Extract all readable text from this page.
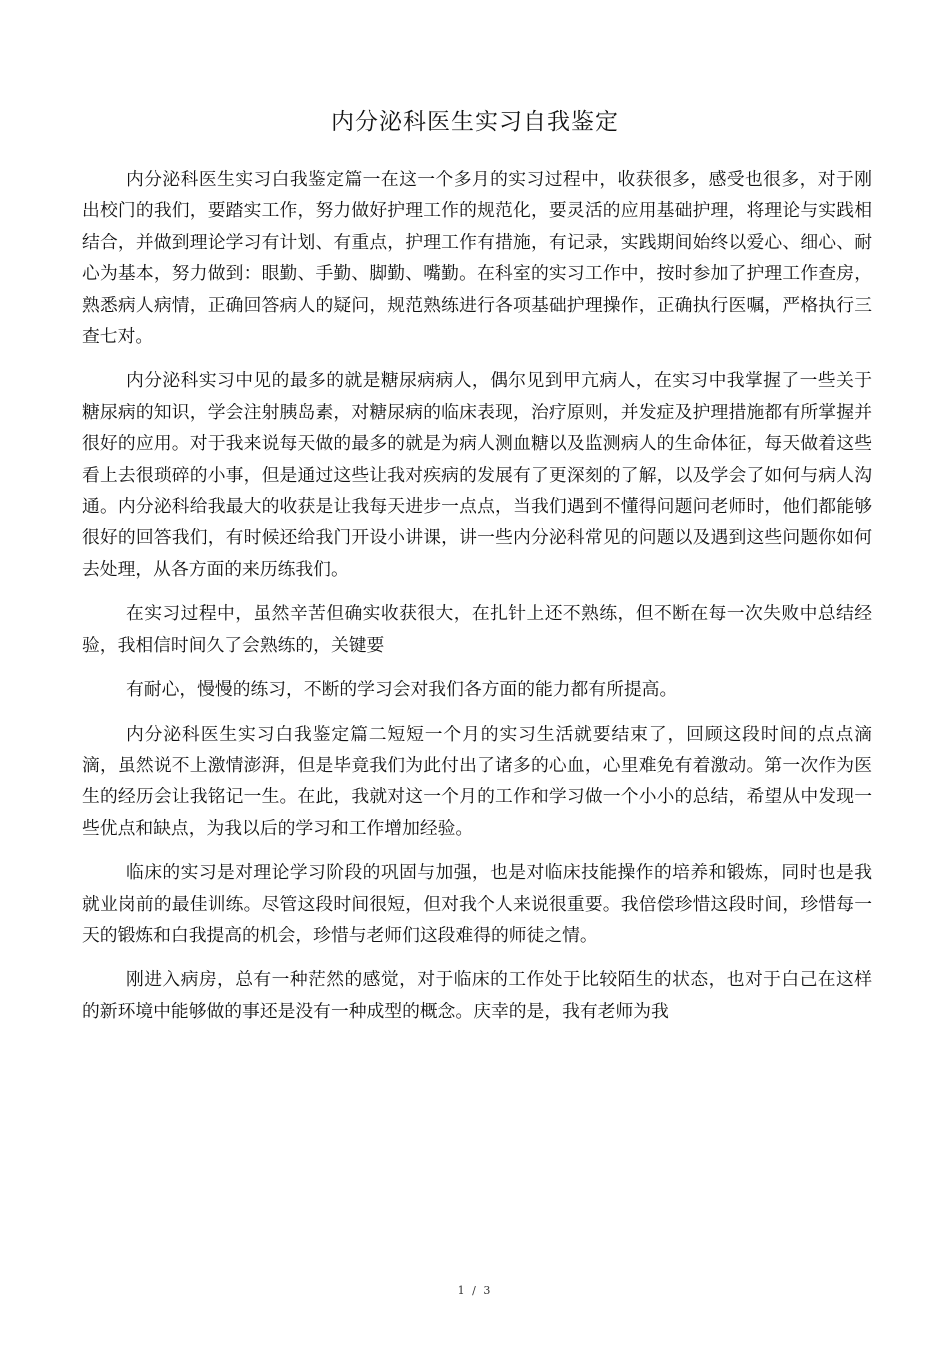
内分泌科医生实习自我鉴定

内分泌科医生实习白我鉴定篇一在这一个多月的实习过程中，收获很多，感受也很多，对于刚出校门的我们，要踏实工作，努力做好护理工作的规范化，要灵活的应用基础护理，将理论与实践相结合，并做到理论学习有计划、有重点，护理工作有措施，有记录，实践期间始终以爱心、细心、耐心为基本，努力做到：眼勤、手勤、脚勤、嘴勤。在科室的实习工作中，按时参加了护理工作查房，熟悉病人病情，正确回答病人的疑问，规范熟练进行各项基础护理操作，正确执行医嘱，严格执行三查七对。

内分泌科实习中见的最多的就是糖尿病病人，偶尔见到甲亢病人，在实习中我掌握了一些关于糖尿病的知识，学会注射胰岛素，对糖尿病的临床表现，治疗原则，并发症及护理措施都有所掌握并很好的应用。对于我来说每天做的最多的就是为病人测血糖以及监测病人的生命体征，每天做着这些看上去很琐碎的小事，但是通过这些让我对疾病的发展有了更深刻的了解，以及学会了如何与病人沟通。内分泌科给我最大的收获是让我每天进步一点点，当我们遇到不懂得问题问老师时，他们都能够很好的回答我们，有时候还给我门开设小讲课，讲一些内分泌科常见的问题以及遇到这些问题你如何去处理，从各方面的来历练我们。

在实习过程中，虽然辛苦但确实收获很大，在扎针上还不熟练，但不断在每一次失败中总结经验，我相信时间久了会熟练的，关键要

有耐心，慢慢的练习，不断的学习会对我们各方面的能力都有所提高。

内分泌科医生实习白我鉴定篇二短短一个月的实习生活就要结束了，回顾这段时间的点点滴滴，虽然说不上激情澎湃，但是毕竟我们为此付出了诸多的心血，心里难免有着激动。第一次作为医生的经历会让我铭记一生。在此，我就对这一个月的工作和学习做一个小小的总结，希望从中发现一些优点和缺点，为我以后的学习和工作增加经验。

临床的实习是对理论学习阶段的巩固与加强，也是对临床技能操作的培养和锻炼，同时也是我就业岗前的最佳训练。尽管这段时间很短，但对我个人来说很重要。我倍偿珍惜这段时间，珍惜每一天的锻炼和白我提高的机会，珍惜与老师们这段难得的师徒之情。

刚进入病房，总有一种茫然的感觉，对于临床的工作处于比较陌生的状态，也对于白己在这样的新环境中能够做的事还是没有一种成型的概念。庆幸的是，我有老师为我

1 / 3
